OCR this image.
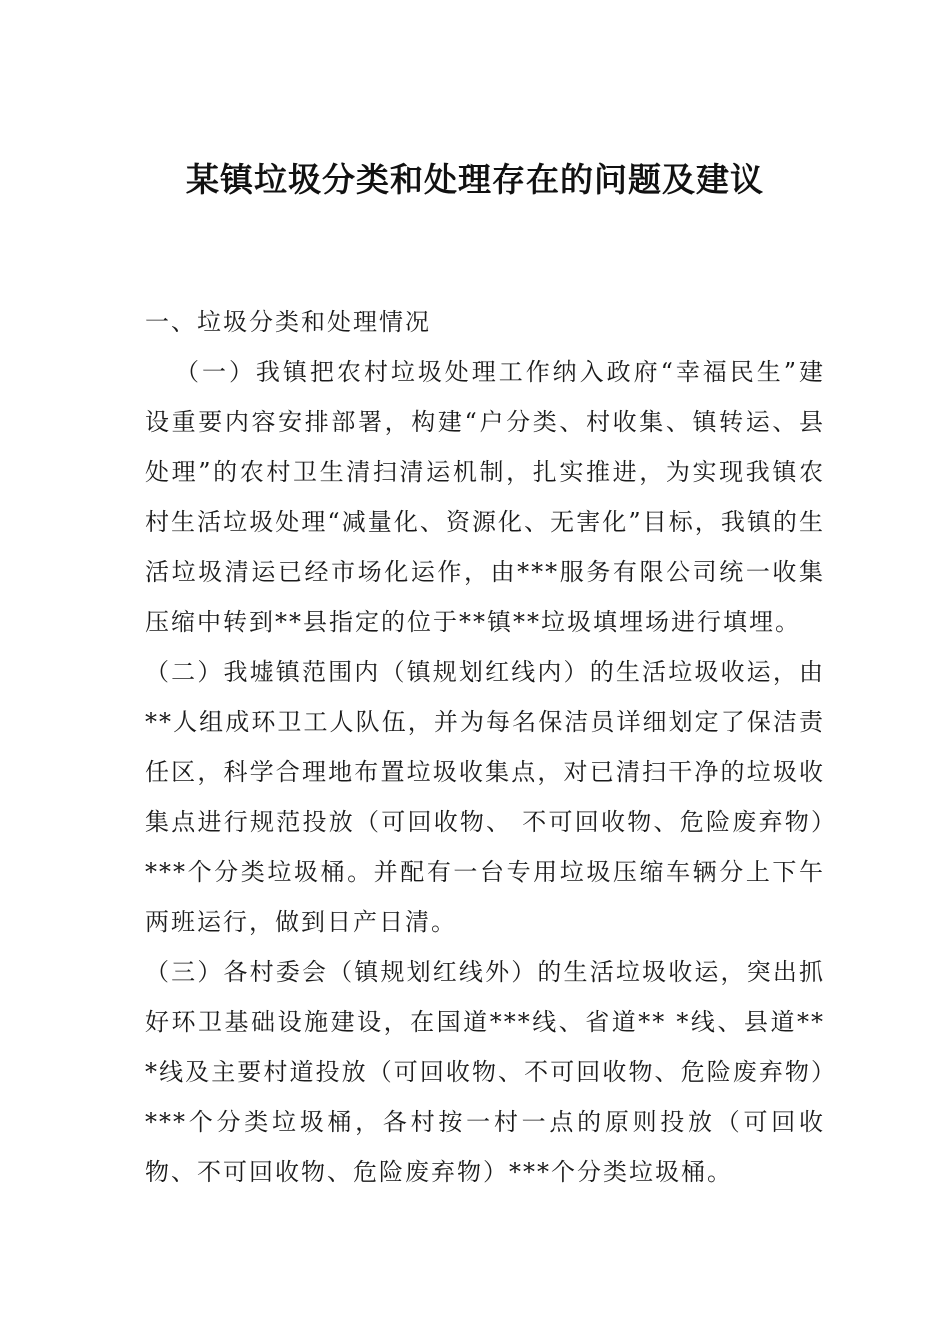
某镇垃圾分类和处理存在的问题及建议

一、垃圾分类和处理情况

（一）我镇把农村垃圾处理工作纳入政府“幸福民生”建设重要内容安排部署，构建“户分类、村收集、镇转运、县处理”的农村卫生清扫清运机制，扎实推进，为实现我镇农村生活垃圾处理“减量化、资源化、无害化”目标，我镇的生活垃圾清运已经市场化运作，由***服务有限公司统一收集压缩中转到**县指定的位于**镇**垃圾填埋场进行填埋。

（二）我墟镇范围内（镇规划红线内）的生活垃圾收运，由**人组成环卫工人队伍，并为每名保洁员详细划定了保洁责任区，科学合理地布置垃圾收集点，对已清扫干净的垃圾收集点进行规范投放（可回收物、 不可回收物、危险废弃物）***个分类垃圾桶。并配有一台专用垃圾压缩车辆分上下午两班运行，做到日产日清。

（三）各村委会（镇规划红线外）的生活垃圾收运，突出抓好环卫基础设施建设，在国道***线、省道** *线、县道***线及主要村道投放（可回收物、不可回收物、危险废弃物）***个分类垃圾桶，各村按一村一点的原则投放（可回收物、不可回收物、危险废弃物）***个分类垃圾桶。
